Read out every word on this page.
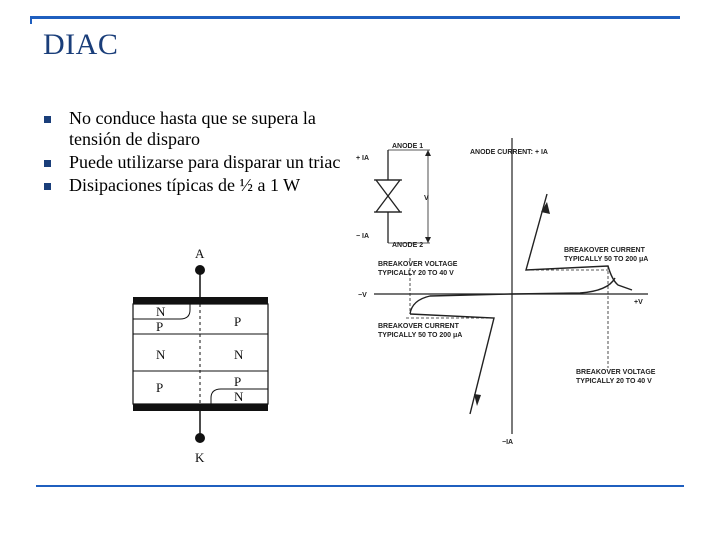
DIAC
No conduce hasta que se supera la tensión de disparo
Puede utilizarse para disparar un triac
Disipaciones típicas de ½ a 1 W
A
N
P	P
N	N
P	P
N
K
ANODE 1
ANODE 2
+ IA
− IA
V
−V
+V
ANODE CURRENT: + IA
−IA
BREAKOVER CURRENT
TYPICALLY 50 TO 200 μA
BREAKOVER VOLTAGE
TYPICALLY 20 TO 40 V
BREAKOVER CURRENT
TYPICALLY 50 TO 200 μA
BREAKOVER VOLTAGE
TYPICALLY 20 TO 40 V
